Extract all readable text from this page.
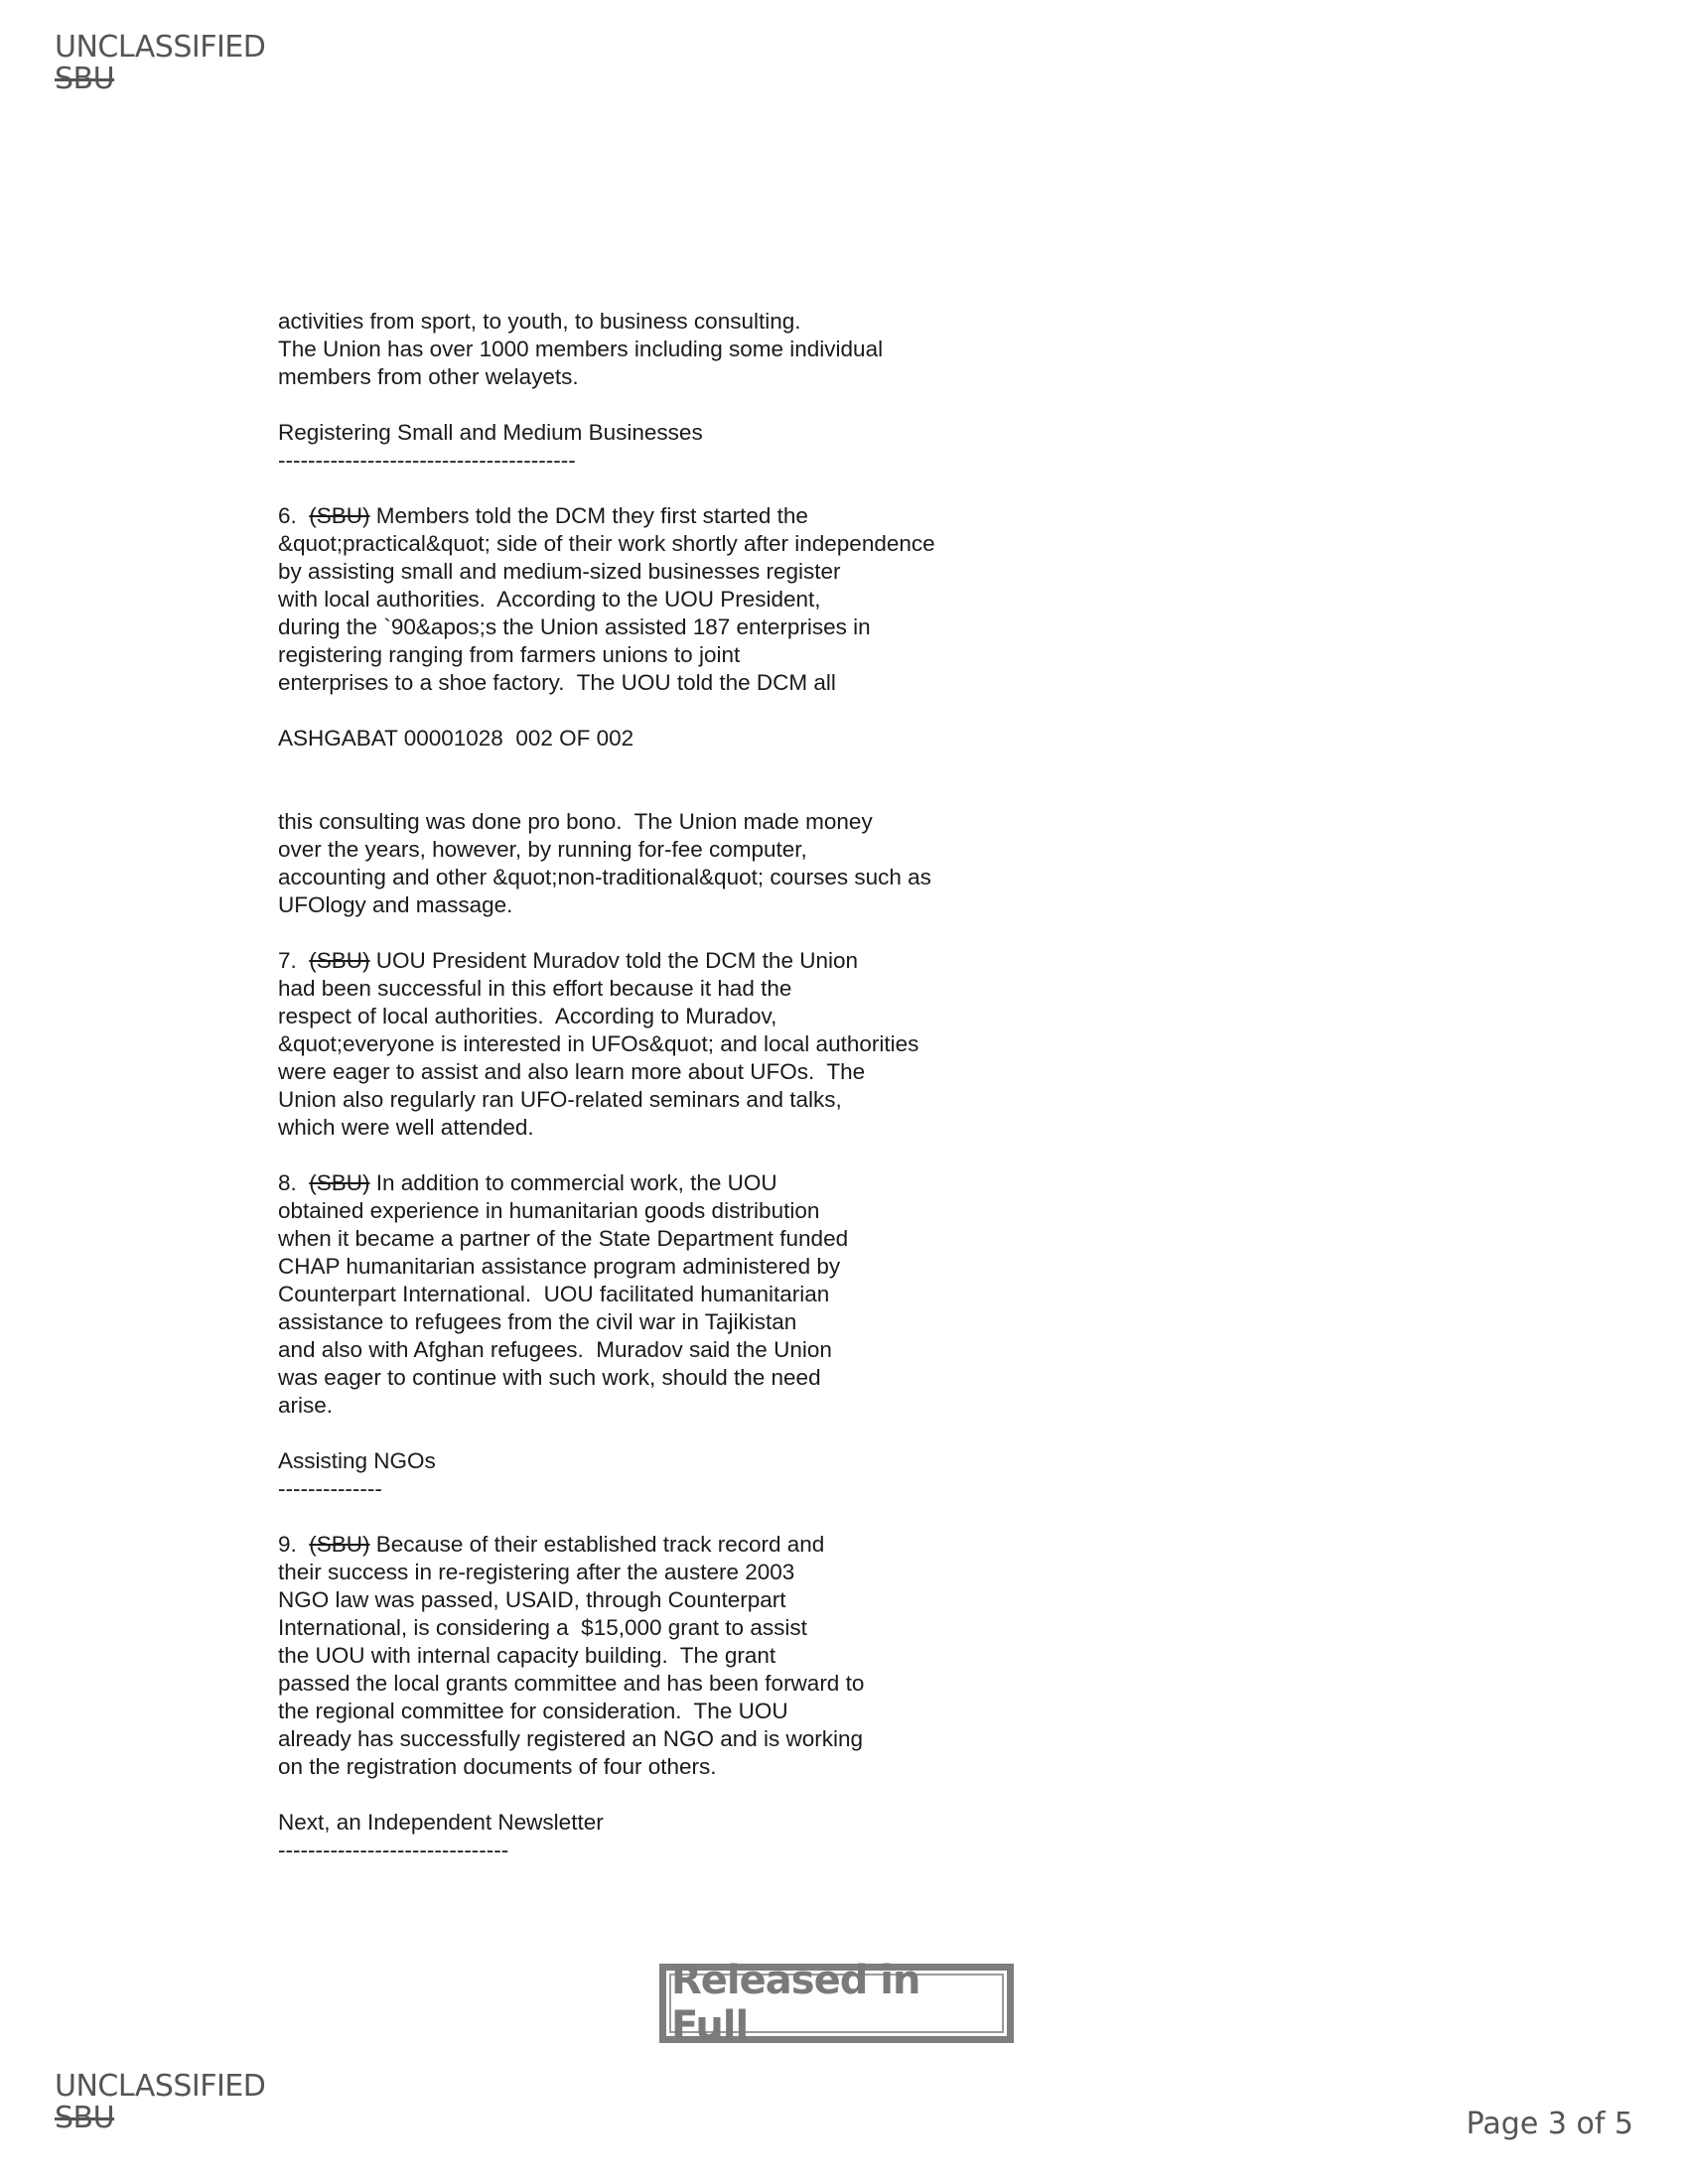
UNCLASSIFIED
SBU
activities from sport, to youth, to business consulting.
The Union has over 1000 members including some individual
members from other welayets.
Registering Small and Medium Businesses
----------------------------------------
6.  (SBU) Members told the DCM they first started the
&quot;practical&quot; side of their work shortly after independence
by assisting small and medium-sized businesses register
with local authorities.  According to the UOU President,
during the `90&apos;s the Union assisted 187 enterprises in
registering ranging from farmers unions to joint
enterprises to a shoe factory.  The UOU told the DCM all
ASHGABAT 00001028  002 OF 002
this consulting was done pro bono.  The Union made money
over the years, however, by running for-fee computer,
accounting and other &quot;non-traditional&quot; courses such as
UFOlogy and massage.
7.  (SBU) UOU President Muradov told the DCM the Union
had been successful in this effort because it had the
respect of local authorities.  According to Muradov,
&quot;everyone is interested in UFOs&quot; and local authorities
were eager to assist and also learn more about UFOs.  The
Union also regularly ran UFO-related seminars and talks,
which were well attended.
8.  (SBU) In addition to commercial work, the UOU
obtained experience in humanitarian goods distribution
when it became a partner of the State Department funded
CHAP humanitarian assistance program administered by
Counterpart International.  UOU facilitated humanitarian
assistance to refugees from the civil war in Tajikistan
and also with Afghan refugees.  Muradov said the Union
was eager to continue with such work, should the need
arise.
Assisting NGOs
--------------
9.  (SBU) Because of their established track record and
their success in re-registering after the austere 2003
NGO law was passed, USAID, through Counterpart
International, is considering a  $15,000 grant to assist
the UOU with internal capacity building.  The grant
passed the local grants committee and has been forward to
the regional committee for consideration.  The UOU
already has successfully registered an NGO and is working
on the registration documents of four others.
Next, an Independent Newsletter
-------------------------------
Released in Full
UNCLASSIFIED
SBU	Page 3 of 5
